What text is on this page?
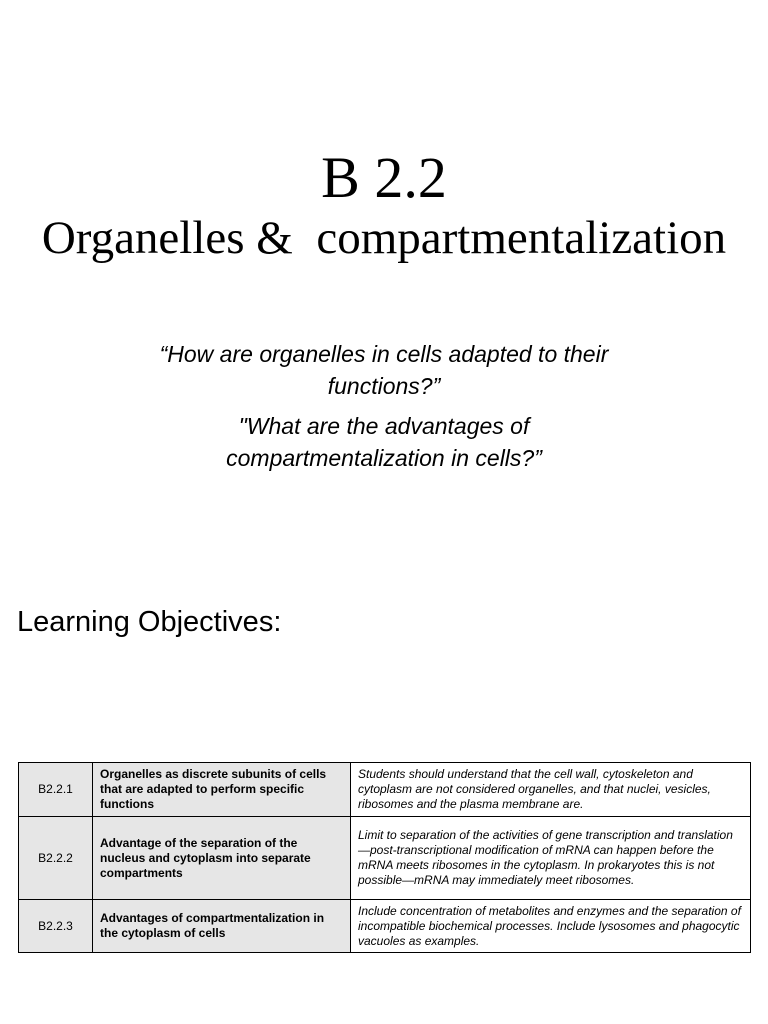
B 2.2
Organelles &  compartmentalization
“How are organelles in cells adapted to their functions?”
"What are the advantages of compartmentalization in cells?”
Learning Objectives:
B2.2.1	Organelles as discrete subunits of cells that are adapted to perform specific functions	Students should understand that the cell wall, cytoskeleton and cytoplasm are not considered organelles, and that nuclei, vesicles, ribosomes and the plasma membrane are.
B2.2.2	Advantage of the separation of the nucleus and cytoplasm into separate compartments	Limit to separation of the activities of gene transcription and translation—post-transcriptional modification of mRNA can happen before the mRNA meets ribosomes in the cytoplasm. In prokaryotes this is not possible—mRNA may immediately meet ribosomes.
B2.2.3	Advantages of compartmentalization in the cytoplasm of cells	Include concentration of metabolites and enzymes and the separation of incompatible biochemical processes. Include lysosomes and phagocytic vacuoles as examples.
